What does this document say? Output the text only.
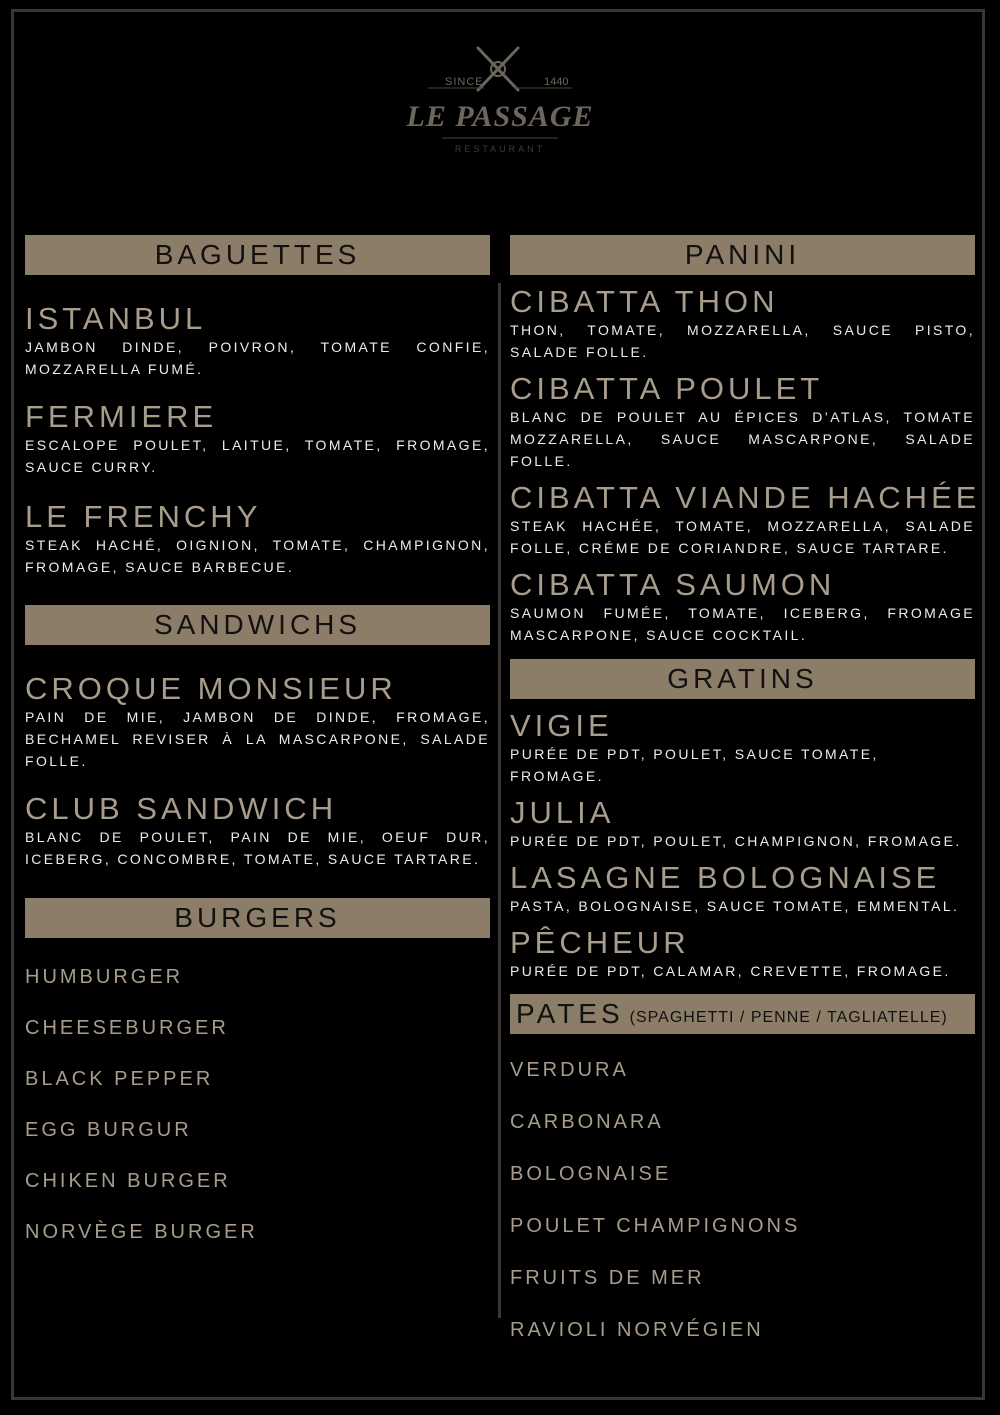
SINCE	1440
LE PASSAGE
RESTAURANT
BAGUETTES
ISTANBUL
JAMBON DINDE, POIVRON, TOMATE CONFIE, MOZZARELLA FUMÉ.
FERMIERE
ESCALOPE POULET, LAITUE, TOMATE, FROMAGE, SAUCE CURRY.
LE FRENCHY
STEAK HACHÉ, OIGNION, TOMATE, CHAMPIGNON, FROMAGE, SAUCE BARBECUE.
SANDWICHS
CROQUE MONSIEUR
PAIN DE MIE, JAMBON DE DINDE, FROMAGE, BECHAMEL REVISER À LA MASCARPONE, SALADE FOLLE.
CLUB SANDWICH
BLANC DE POULET, PAIN DE MIE, OEUF DUR, ICEBERG, CONCOMBRE, TOMATE, SAUCE TARTARE.
BURGERS
HUMBURGER
CHEESEBURGER
BLACK PEPPER
EGG BURGUR
CHIKEN BURGER
NORVÈGE BURGER
PANINI
CIBATTA THON
THON, TOMATE, MOZZARELLA, SAUCE PISTO, SALADE FOLLE.
CIBATTA POULET
BLANC DE POULET AU ÉPICES D’ATLAS, TOMATE MOZZARELLA, SAUCE MASCARPONE, SALADE FOLLE.
CIBATTA VIANDE HACHÉE
STEAK HACHÉE, TOMATE, MOZZARELLA, SALADE FOLLE, CRÉME DE CORIANDRE, SAUCE TARTARE.
CIBATTA SAUMON
SAUMON FUMÉE, TOMATE, ICEBERG, FROMAGE MASCARPONE, SAUCE COCKTAIL.
GRATINS
VIGIE
PURÉE DE PDT, POULET, SAUCE TOMATE, FROMAGE.
JULIA
PURÉE DE PDT, POULET, CHAMPIGNON, FROMAGE.
LASAGNE BOLOGNAISE
PASTA, BOLOGNAISE, SAUCE TOMATE, EMMENTAL.
PÊCHEUR
PURÉE DE PDT, CALAMAR, CREVETTE, FROMAGE.
PATES (SPAGHETTI / PENNE / TAGLIATELLE)
VERDURA
CARBONARA
BOLOGNAISE
POULET CHAMPIGNONS
FRUITS DE MER
RAVIOLI NORVÉGIEN
